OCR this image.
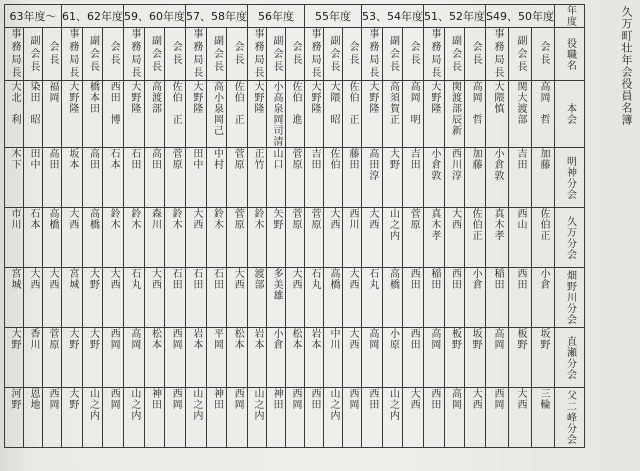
63年度〜			61、62年度			59、60年度			57、58年度			56年度			55年度			53、54年度			51、52年度			S49、50年度			年度

事務局長	副会長	会長	事務局長	副会長	会長	事務局長	副会長	会長	事務局長	副会長	会長	事務局長	副会長	会長	事務局長	副会長	会長	事務局長	副会長	会長	事務局長	副会長	会長	事務局長	副会長	会長	役職名

大北　利	染田　昭	福岡	大野隆	橋本田	西田　博	大野隆	高渡部	佐伯　正	大野隆	高小泉岡己	佐伯　正	大野隆	小高泉岡司清	佐伯　進	大野隆	大隈　昭	佐伯　正	大野隆	高須賀正	高岡　明	大野隆	関渡部辰新	高岡　哲	大隈慎	関大渡部	高岡　哲	本会

木下	田中	高田	坂本	高田	石本	石田	高田	菅原	田中	中村	菅原	正竹	山口	菅原	吉田	佐伯	藤田	高田淳	大野	吉田	小倉敦	西川淳	加藤	小倉敦	吉田	加藤	明神分会

市川	石本	高橋	大西	高橋	鈴木	鈴木	森川	鈴木	大西	鈴木	菅原	鈴木	矢野	菅原	菅原	大西	西川	大西	山之内	菅原	真木孝	大西	佐伯正	真木孝	西山	佐伯正	久万分会

宮城	大西	大西	宮城	大野	大西	石丸	大西	石田	石田	石田	大西	渡部	多美雄	大西	石丸	高橋	大西	石丸	高橋	西田	稲田	西田	小倉	稲田	西田	小倉	畑野川分会

大野	香川	菅原	大野	大野	西岡	高岡	松本	西岡	岩本	平岡	松本	岩本	小倉	松本	岩本	中川	大西	高岡	小原	西田	高岡	板野	坂野	高岡	板野	坂野	直瀬分会

河野	恩地	西岡	大野	山之内	西岡	山之内	神田	西岡	山之内	神田	西岡	山之内	神田	西岡	西田	山之内	西岡	西田	山之内	大西	西田	高岡	大西	西岡	大西	三輪	父二峰分会
久万町壮年会役員名簿
